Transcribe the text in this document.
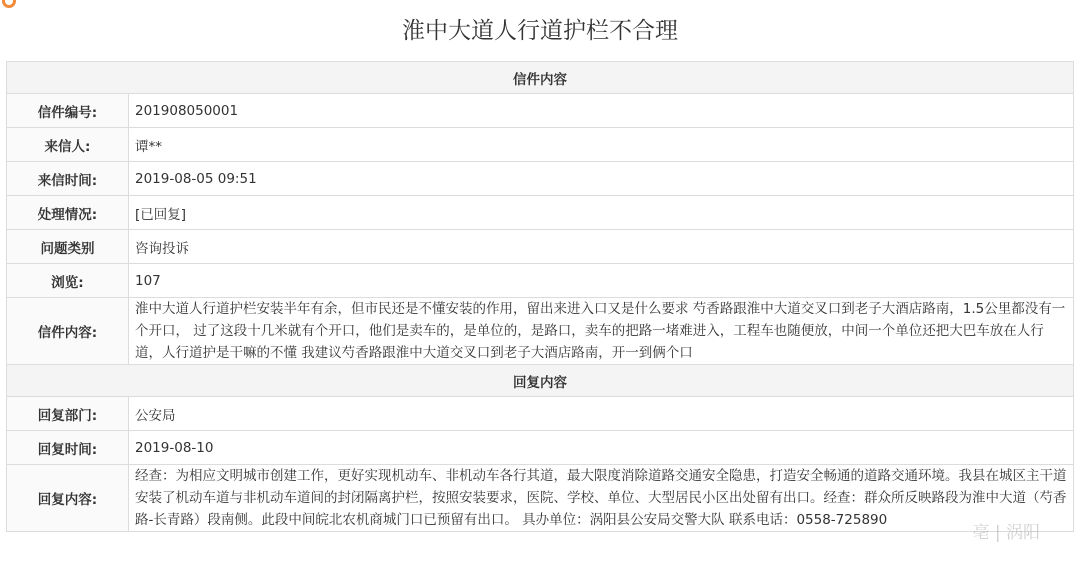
淮中大道人行道护栏不合理
信件内容	
信件编号:	201908050001
来信人:	谭**
来信时间:	2019-08-05 09:51
处理情况:	[已回复]
问题类别	咨询投诉
浏览:	107
信件内容:	淮中大道人行道护栏安装半年有余，但市民还是不懂安装的作用，留出来进入口又是什么要求 芍香路跟淮中大道交叉口到老子大酒店路南，1.5公里都没有一个开口， 过了这段十几米就有个开口，他们是卖车的，是单位的，是路口，卖车的把路一堵难进入，工程车也随便放，中间一个单位还把大巴车放在人行道，人行道护是干嘛的不懂 我建议芍香路跟淮中大道交叉口到老子大酒店路南，开一到俩个口
回复内容	
回复部门:	公安局
回复时间:	2019-08-10
回复内容:	经查：为相应文明城市创建工作，更好实现机动车、非机动车各行其道，最大限度消除道路交通安全隐患，打造安全畅通的道路交通环境。我县在城区主干道安装了机动车道与非机动车道间的封闭隔离护栏，按照安装要求，医院、学校、单位、大型居民小区出处留有出口。经查：群众所反映路段为淮中大道（芍香路-长青路）段南侧。此段中间皖北农机商城门口已预留有出口。 具办单位：涡阳县公安局交警大队 联系电话：0558-725890
亳 | 涡阳
